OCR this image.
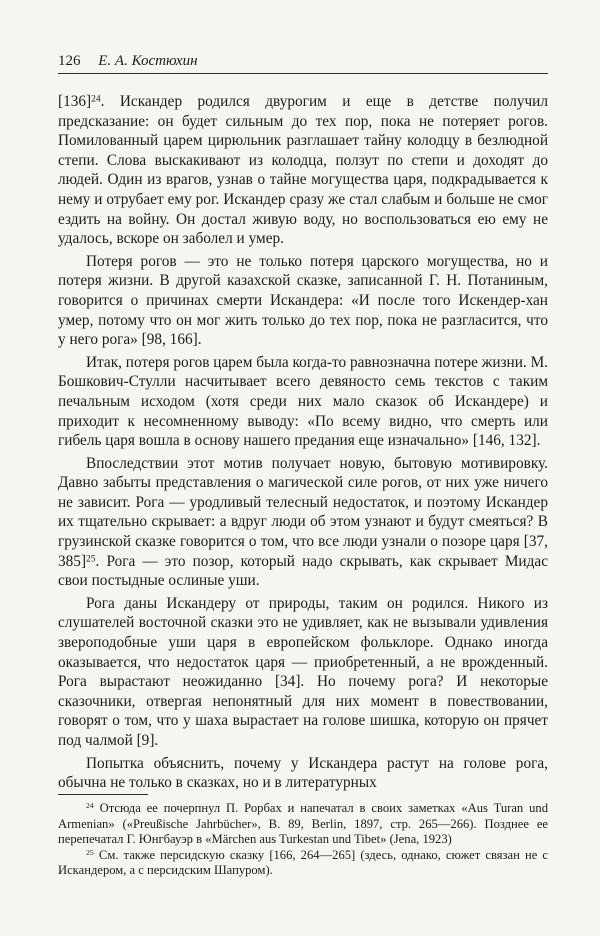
126 Е. А. Костюхин

$[136]^{24}$. Искандер родился двурогим и еще в детстве получил предсказание: он будет сильным до тех пор, пока не потеряет рогов. Помилованный царем цирюльник разглашает тайну колодцу в безлюдной степи. Слова выскакивают из колодца, ползут по степи и доходят до людей. Один из врагов, узнав о тайне могущества царя, подкрадывается к нему и отрубает ему рог. Искандер сразу же стал слабым и больше не смог ездить на войну. Он достал живую воду, но воспользоваться ею ему не удалось, вскоре он заболел и умер.

Потеря рогов — это не только потеря царского могущества, но и потеря жизни. В другой казахской сказке, записанной Г. Н. Потаниным, говорится о причинах смерти Искандера: «И после того Искендер-хан умер, потому что он мог жить только до тех пор, пока не разгласится, что у него рога» [98, 166].

Итак, потеря рогов царем была когда-то равнозначна потере жизни. М. Бошкович-Стулли насчитывает всего девяносто семь текстов с таким печальным исходом (хотя среди них мало сказок об Искандере) и приходит к несомненному выводу: «По всему видно, что смерть или гибель царя вошла в основу нашего предания еще изначально» [146, 132].

Впоследствии этот мотив получает новую, бытовую мотивировку. Давно забыты представления о магической силе рогов, от них уже ничего не зависит. Рога — уродливый телесный недостаток, и поэтому Искандер их тщательно скрывает: а вдруг люди об этом узнают и будут смеяться? В грузинской сказке говорится о том, что все люди узнали о позоре царя [37, 385]$^{25}$. Рога — это позор, который надо скрывать, как скрывает Мидас свои постыдные ослиные уши.

Рога даны Искандеру от природы, таким он родился. Никого из слушателей восточной сказки это не удивляет, как не вызывали удивления звероподобные уши царя в европейском фольклоре. Однако иногда оказывается, что недостаток царя — приобретенный, а не врожденный. Рога вырастают неожиданно [34]. Но почему рога? И некоторые сказочники, отвергая непонятный для них момент в повествовании, говорят о том, что у шаха вырастает на голове шишка, которую он прячет под чалмой [9].

Попытка объяснить, почему у Искандера растут на голове рога, обычна не только в сказках, но и в литературных

$^{24}$ Отсюда ее почерпнул П. Рорбах и напечатал в своих заметках «Aus Turan und Armenian» («Preußische Jahrbücher», B. 89, Berlin, 1897, стр. 265—266). Позднее ее перепечатал Г. Юнгбауэр в «Märchen aus Turkestan und Tibet» (Jena, 1923)

$^{25}$ См. также персидскую сказку [166, 264—265] (здесь, однако, сюжет связан не с Искандером, а с персидским Шапуром).
